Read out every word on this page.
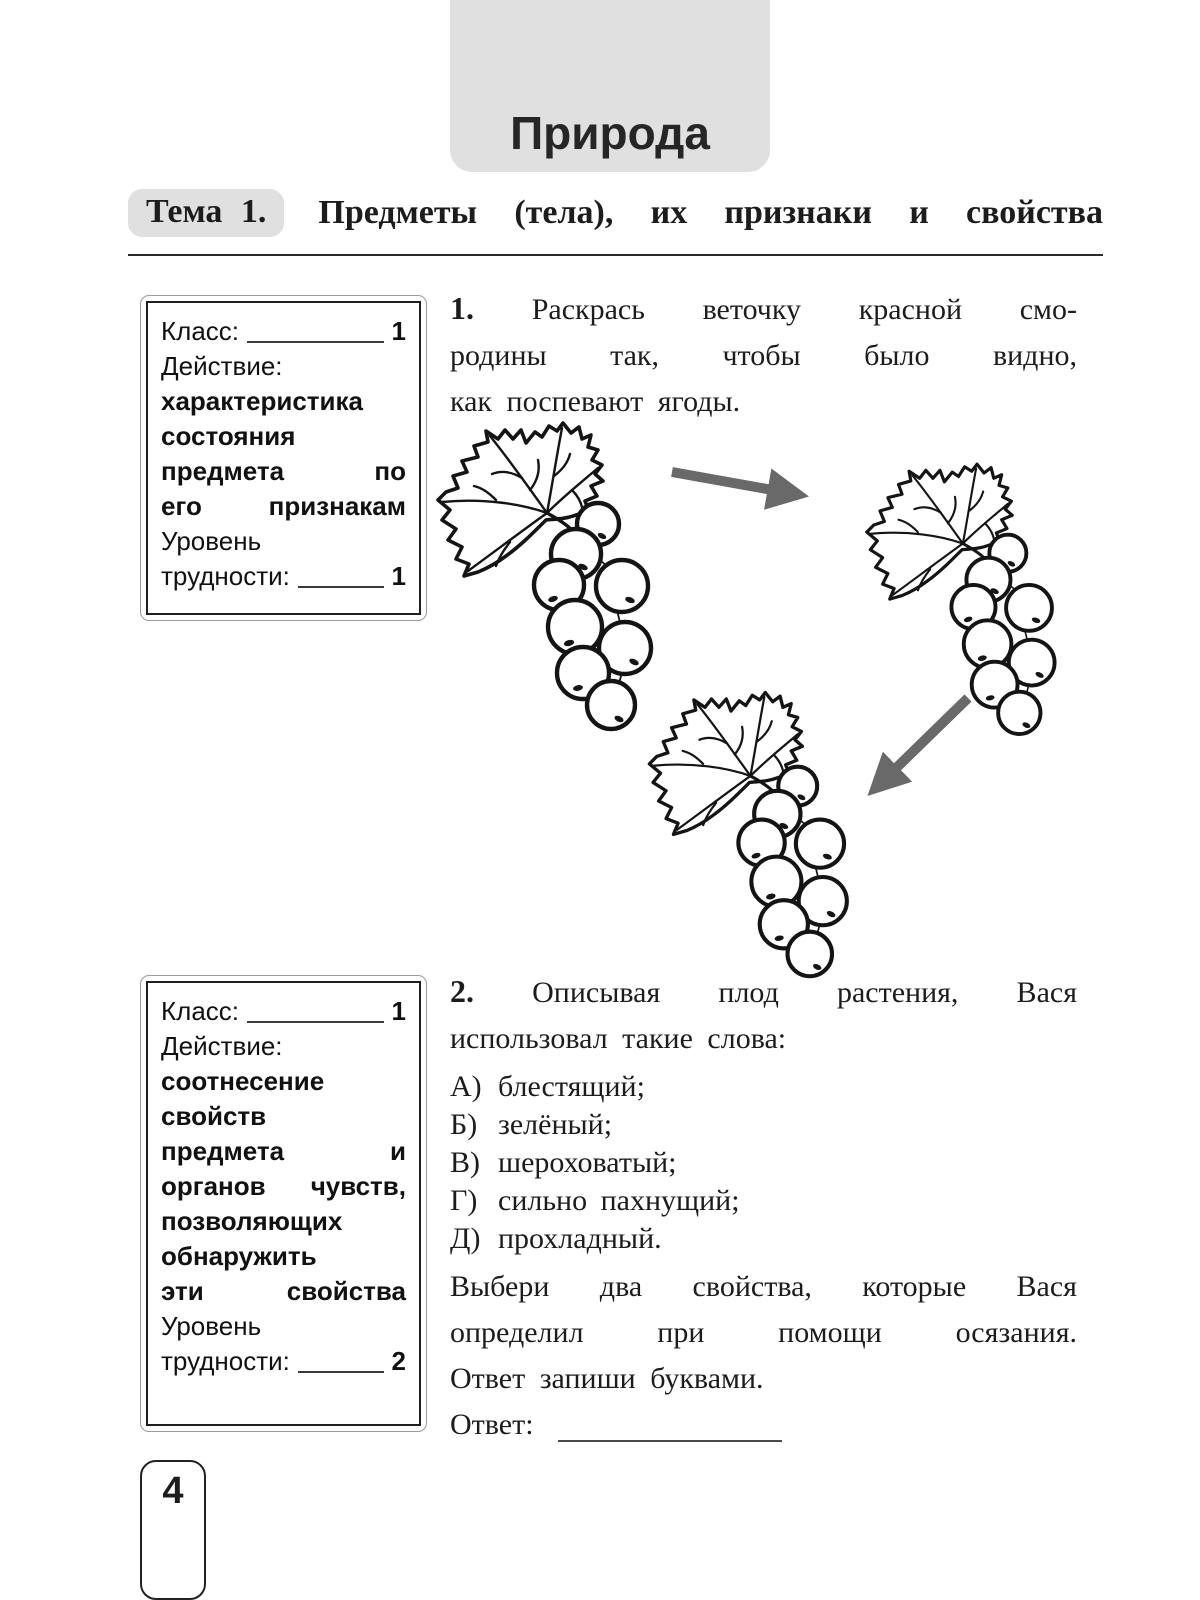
Природа
Тема 1.	Предметы (тела), их признаки и свойства
Класс:	1
Действие:
характеристика
состояния
предмета по
его признакам
Уровень
трудности:	1
1. Раскрась веточку красной смо-
родины так, чтобы было видно,
как поспевают ягоды.
Класс:	1
Действие:
соотнесение
свойств
предмета и
органов чувств,
позволяющих
обнаружить
эти свойства
Уровень
трудности:	2
2. Описывая плод растения, Вася
использовал такие слова:
А) блестящий;
Б) зелёный;
В) шероховатый;
Г) сильно пахнущий;
Д) прохладный.
Выбери два свойства, которые Вася
определил при помощи осязания.
Ответ запиши буквами.
Ответ:
4
